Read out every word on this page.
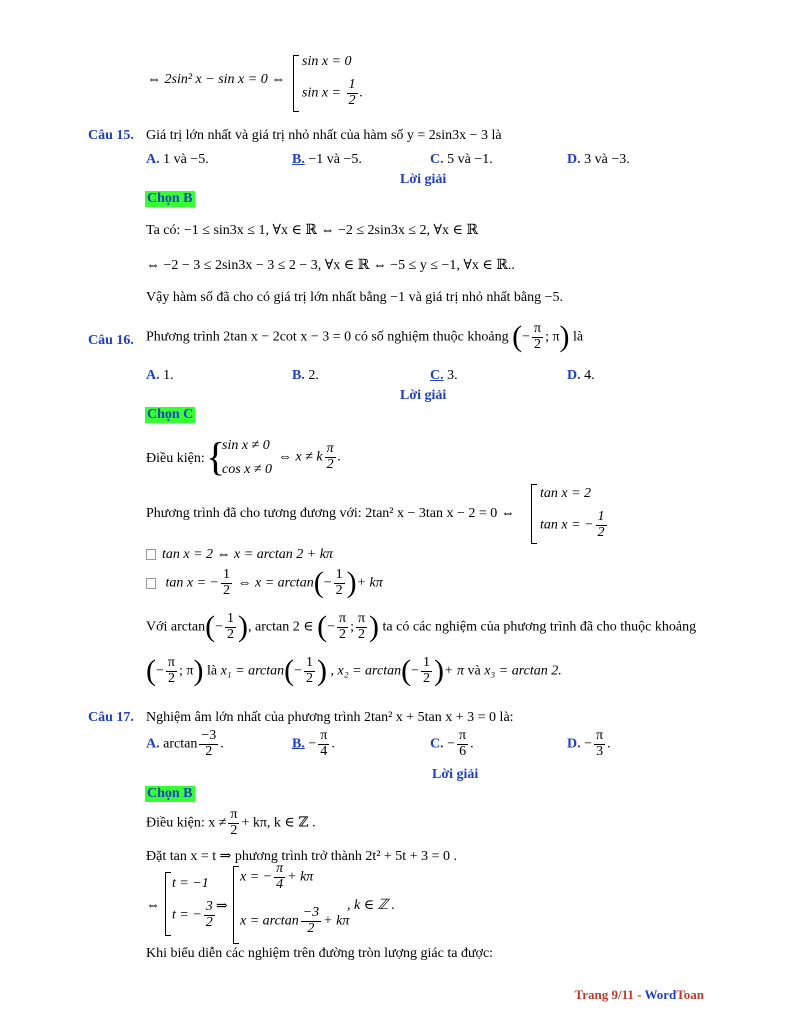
⇔ 2sin² x − sin x = 0 ⇔
sin x = 0
$\sin x = \frac{1}{2}$ .
Câu 15. Giá trị lớn nhất và giá trị nhỏ nhất của hàm số y = 2sin3x − 3 là
A. 1 và −5.	B. −1 và −5.	C. 5 và −1.	D. 3 và −3.
Lời giải
Chọn B
Ta có: −1 ≤ sin3x ≤ 1, ∀x ∈ ℝ ⇔ −2 ≤ 2sin3x ≤ 2, ∀x ∈ ℝ
⇔ −2 − 3 ≤ 2sin3x − 3 ≤ 2 − 3, ∀x ∈ ℝ ⇔ −5 ≤ y ≤ −1, ∀x ∈ ℝ..
Vậy hàm số đã cho có giá trị lớn nhất bằng −1 và giá trị nhỏ nhất bằng −5.
Câu 16. Phương trình 2tan x − 2cot x − 3 = 0 có số nghiệm thuộc khoảng (− $\frac{\pi}{2}$ ; π) là
A. 1.	B. 2.	C. 3.	D. 4.
Lời giải
Chọn C
Điều kiện: {
sin x ≠ 0
cos x ≠ 0
⇔ x ≠ k $\frac{\pi}{2}$ .
Phương trình đã cho tương đương với: 2tan² x − 3tan x − 2 = 0 ⇔
tan x = 2
tan x = − $\frac{1}{2}$
tan x = 2 ⇔ x = arctan 2 + kπ
tan x = − $\frac{1}{2}$ ⇔ $x = \arctan(- \frac{1}{2}$ )+ kπ
Với $\arctan(- \frac{1}{2}$ ), arctan 2 ∈ (− $\frac{\pi}{2}$ ; $\frac{\pi}{2}$ ) ta có các nghiệm của phương trình đã cho thuộc khoảng
(− $\frac{\pi}{2}$ ; π) là $x_1 = \arctan(- \frac{1}{2}$ ) , $x_2 = \arctan(- \frac{1}{2}$ )+ π và x₃ = arctan 2.
Câu 17. Nghiệm âm lớn nhất của phương trình 2tan² x + 5tan x + 3 = 0 là:
A. $\arctan \frac{-3}{2}$ .	B. − $\frac{\pi}{4}$ .	C. − $\frac{\pi}{6}$ .	D. − $\frac{\pi}{3}$ .
Lời giải
Chọn B
Điều kiện: $x \ne \frac{\pi}{2} + k\pi$, k ∈ ℤ .
Đặt tan x = t ⇒ phương trình trở thành 2t² + 5t + 3 = 0 .
⇔
t = −1
t = − $\frac{3}{2}$ ⇒
x = − $\frac{\pi}{4} + k\pi$
$x = \arctan \frac{-3}{2} + k\pi$
, k ∈ ℤ .
Khi biểu diễn các nghiệm trên đường tròn lượng giác ta được:
Trang 9/11 - WordToan
